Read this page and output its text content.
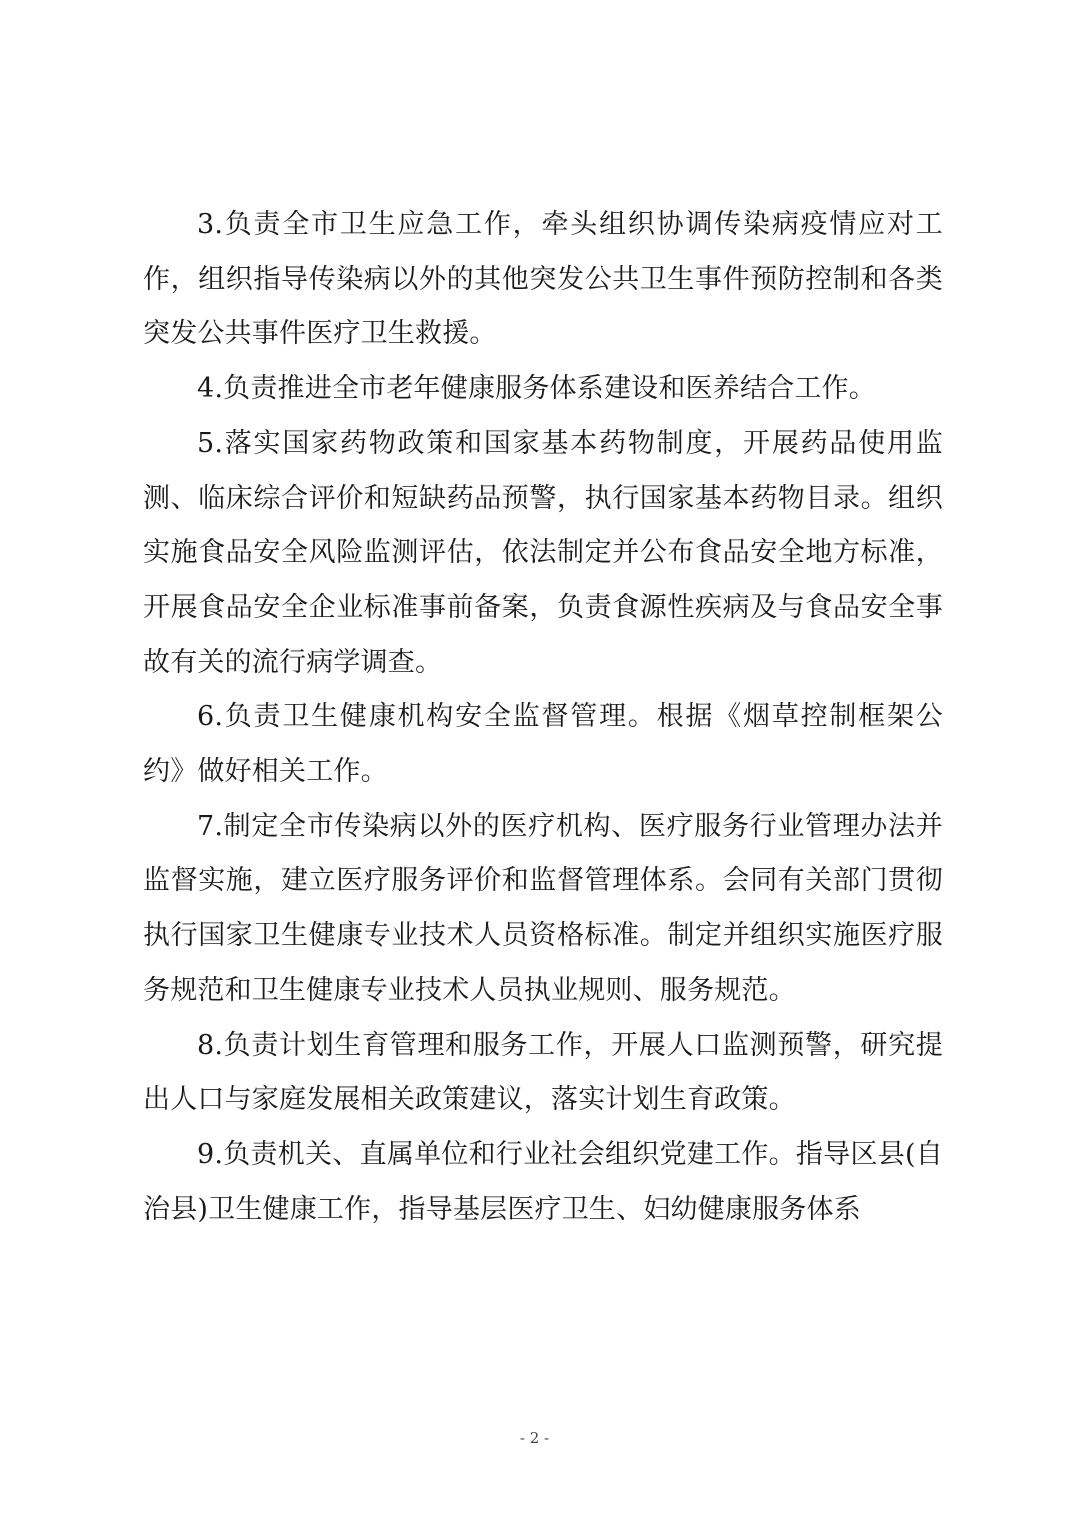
3.负责全市卫生应急工作，牵头组织协调传染病疫情应对工作，组织指导传染病以外的其他突发公共卫生事件预防控制和各类突发公共事件医疗卫生救援。

4.负责推进全市老年健康服务体系建设和医养结合工作。

5.落实国家药物政策和国家基本药物制度，开展药品使用监测、临床综合评价和短缺药品预警，执行国家基本药物目录。组织实施食品安全风险监测评估，依法制定并公布食品安全地方标准，开展食品安全企业标准事前备案，负责食源性疾病及与食品安全事故有关的流行病学调查。

6.负责卫生健康机构安全监督管理。根据《烟草控制框架公约》做好相关工作。

7.制定全市传染病以外的医疗机构、医疗服务行业管理办法并监督实施，建立医疗服务评价和监督管理体系。会同有关部门贯彻执行国家卫生健康专业技术人员资格标准。制定并组织实施医疗服务规范和卫生健康专业技术人员执业规则、服务规范。

8.负责计划生育管理和服务工作，开展人口监测预警，研究提出人口与家庭发展相关政策建议，落实计划生育政策。

9.负责机关、直属单位和行业社会组织党建工作。指导区县(自治县)卫生健康工作，指导基层医疗卫生、妇幼健康服务体系

- 2 -
